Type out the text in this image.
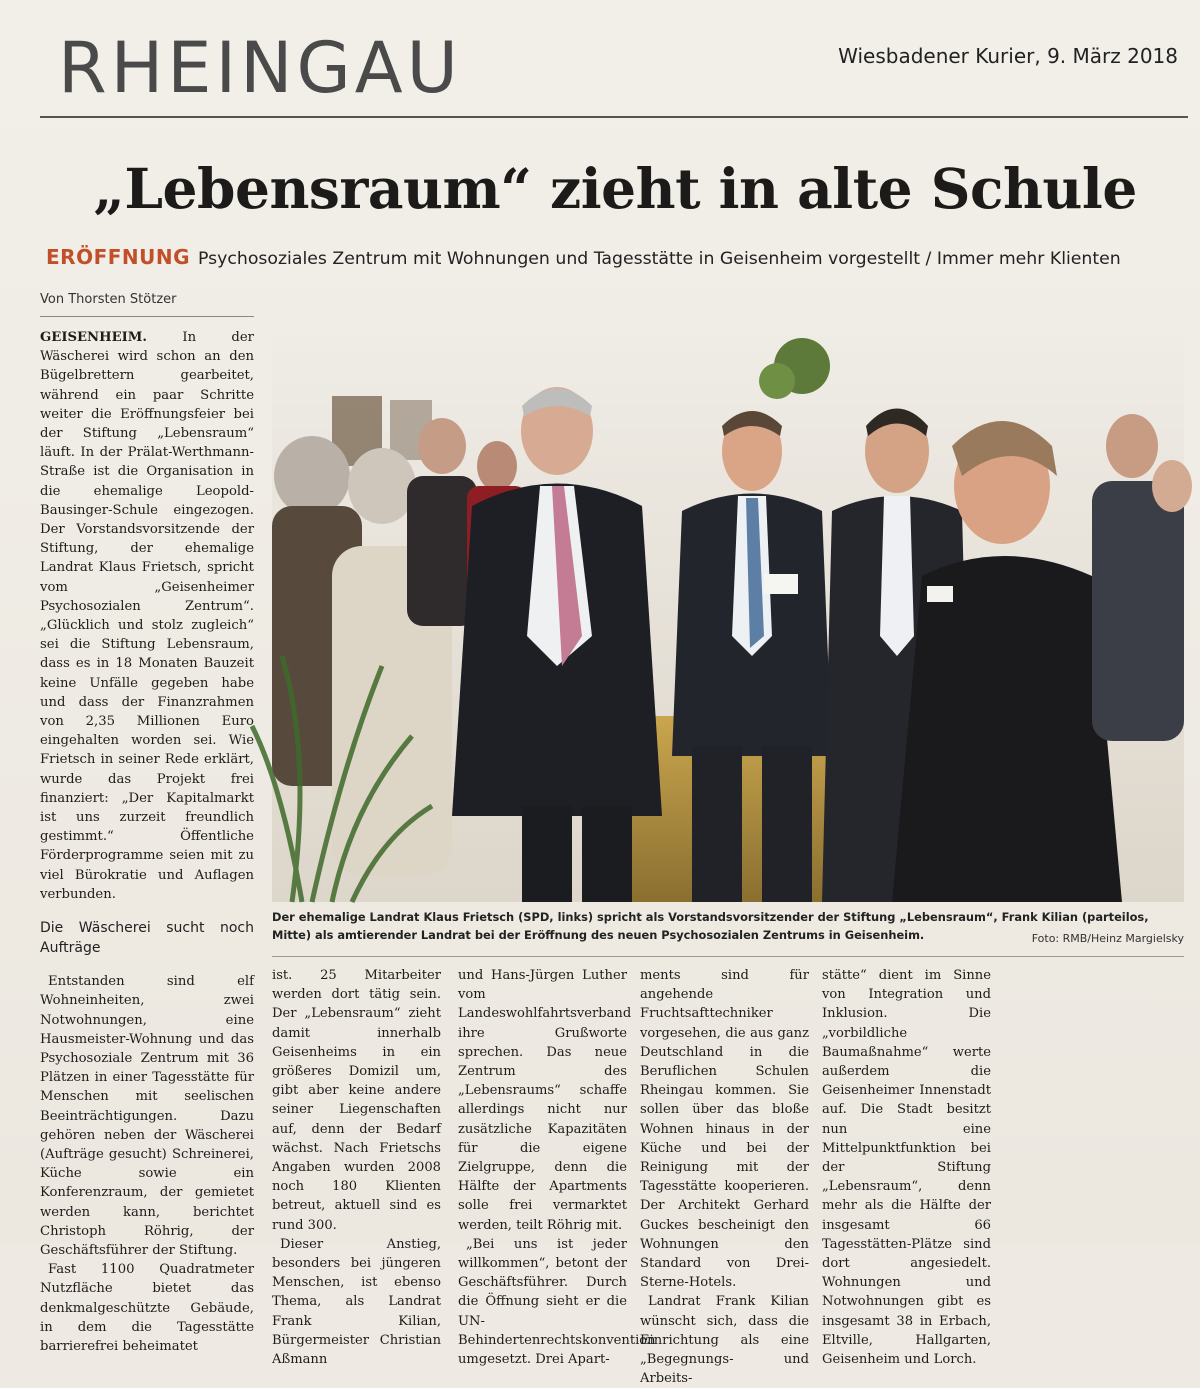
RHEINGAU	Wiesbadener Kurier, 9. März 2018
„Lebensraum“ zieht in alte Schule
ERÖFFNUNG Psychosoziales Zentrum mit Wohnungen und Tagesstätte in Geisenheim vorgestellt / Immer mehr Klienten
Von Thorsten Stötzer

GEISENHEIM.	In der Wäscherei wird schon an den Bügelbrettern gearbeitet, während ein paar Schritte weiter die Eröffnungsfeier bei der Stiftung „Lebensraum“ läuft. In der Prälat-Werthmann-Straße ist die Organisation in die ehemalige Leopold-Bausinger-Schule eingezogen. Der Vorstandsvorsitzende der Stiftung, der ehemalige Landrat Klaus Frietsch, spricht vom „Geisenheimer Psychosozialen Zentrum“. „Glücklich und stolz zugleich“ sei die Stiftung Lebensraum, dass es in 18 Monaten Bauzeit keine Unfälle gegeben habe und dass der Finanzrahmen von 2,35 Millionen Euro eingehalten worden sei. Wie Frietsch in seiner Rede erklärt, wurde das Projekt frei finanziert: „Der Kapitalmarkt ist uns zurzeit freundlich gestimmt.“ Öffentliche Förderprogramme seien mit zu viel Bürokratie und Auflagen verbunden.

Die Wäscherei sucht noch Aufträge

Entstanden sind elf Wohneinheiten, zwei Notwohnungen, eine Hausmeister-Wohnung und das Psychosoziale Zentrum mit 36 Plätzen in einer Tagesstätte für Menschen mit seelischen Beeinträchtigungen. Dazu gehören neben der Wäscherei (Aufträge gesucht) Schreinerei, Küche sowie ein Konferenzraum, der gemietet werden kann, berichtet Christoph Röhrig, der Geschäftsführer der Stiftung.

Fast 1100 Quadratmeter Nutzfläche bietet das denkmalgeschützte Gebäude, in dem die Tagesstätte barrierefrei beheimatet

Der ehemalige Landrat Klaus Frietsch (SPD, links) spricht als Vorstandsvorsitzender der Stiftung „Lebensraum“, Frank Kilian (parteilos, Mitte) als amtierender Landrat bei der Eröffnung des neuen Psychosozialen Zentrums in Geisenheim.	Foto: RMB/Heinz Margielsky

ist. 25 Mitarbeiter werden dort tätig sein. Der „Lebensraum“ zieht damit innerhalb Geisenheims in ein größeres Domizil um, gibt aber keine andere seiner Liegenschaften auf, denn der Bedarf wächst. Nach Frietschs Angaben wurden 2008 noch 180 Klienten betreut, aktuell sind es rund 300.

Dieser Anstieg, besonders bei jüngeren Menschen, ist ebenso Thema, als Landrat Frank Kilian, Bürgermeister Christian Aßmann

und Hans-Jürgen Luther vom Landeswohlfahrtsverband ihre Grußworte sprechen. Das neue Zentrum des „Lebensraums“ schaffe allerdings nicht nur zusätzliche Kapazitäten für die eigene Zielgruppe, denn die Hälfte der Apartments solle frei vermarktet werden, teilt Röhrig mit.

„Bei uns ist jeder willkommen“, betont der Geschäftsführer. Durch die Öffnung sieht er die UN-Behindertenrechtskonvention umgesetzt. Drei Apart-

ments sind für angehende Fruchtsafttechniker vorgesehen, die aus ganz Deutschland in die Beruflichen Schulen Rheingau kommen. Sie sollen über das bloße Wohnen hinaus in der Küche und bei der Reinigung mit der Tagesstätte kooperieren. Der Architekt Gerhard Guckes bescheinigt den Wohnungen den Standard von Drei-Sterne-Hotels.

Landrat Frank Kilian wünscht sich, dass die Einrichtung als eine „Begegnungs- und Arbeits-

stätte“ dient im Sinne von Integration und Inklusion. Die „vorbildliche Baumaßnahme“ werte außerdem die Geisenheimer Innenstadt auf. Die Stadt besitzt nun eine Mittelpunktfunktion bei der Stiftung „Lebensraum“, denn mehr als die Hälfte der insgesamt 66 Tagesstätten-Plätze sind dort angesiedelt. Wohnungen und Notwohnungen gibt es insgesamt 38 in Erbach, Eltville, Hallgarten, Geisenheim und Lorch.
